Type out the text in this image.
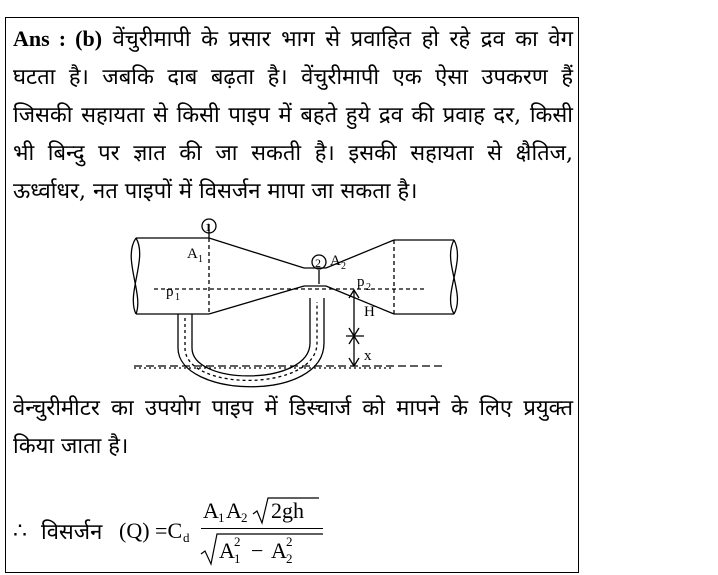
Ans : (b) वेंचुरीमापी के प्रसार भाग से प्रवाहित हो रहे द्रव का वेग घटता है। जबकि दाब बढ़ता है। वेंचुरीमापी एक ऐसा उपकरण हैं जिसकी सहायता से किसी पाइप में बहते हुये द्रव की प्रवाह दर, किसी भी बिन्दु पर ज्ञात की जा सकती है। इसकी सहायता से क्षैतिज, ऊर्ध्वाधर, नत पाइपों में विसर्जन मापा जा सकता है।

1
2
A 1	A 2
p 1
p 2
H
x

वेन्चुरीमीटर का उपयोग पाइप में डिस्चार्ज को मापने के लिए प्रयुक्त किया जाता है।

∴ विसर्जन (Q) =C d
A 1 A 2 2gh
A 1
2 − A 2
2
